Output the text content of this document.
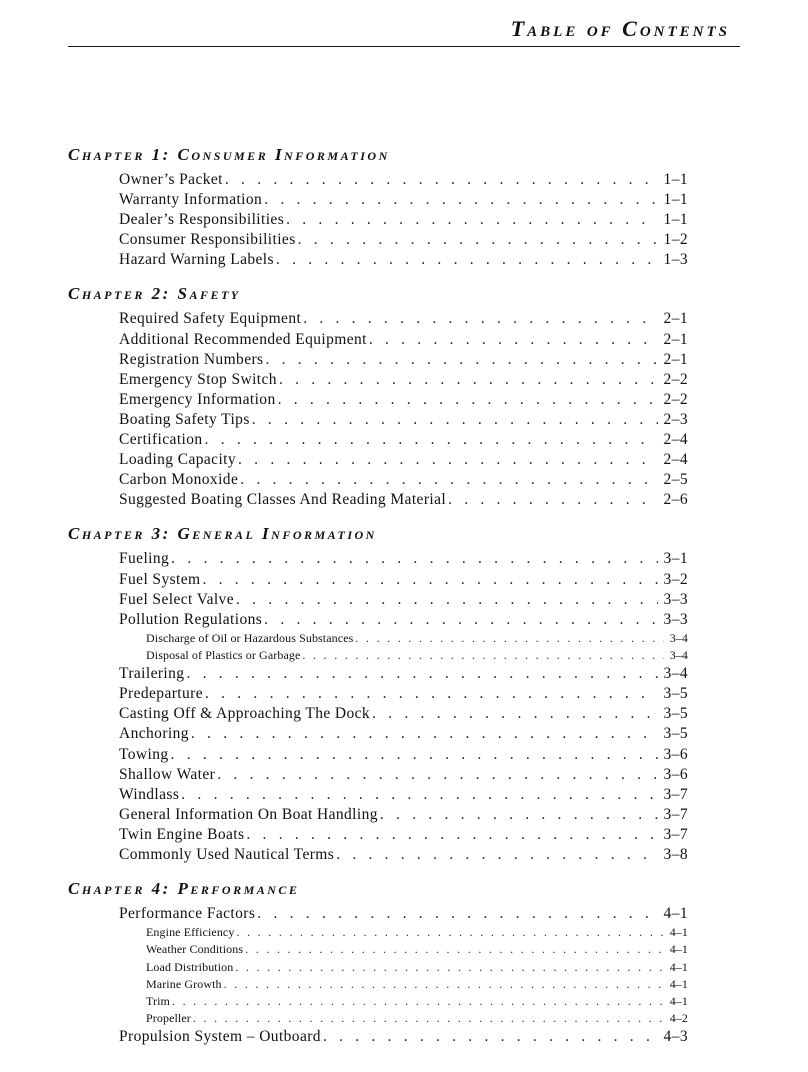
Table of Contents
Chapter 1: Consumer Information
Owner’s Packet . . .	1–1
Warranty Information . . .	1–1
Dealer’s Responsibilities . . .	1–1
Consumer Responsibilities . . .	1–2
Hazard Warning Labels . . .	1–3
Chapter 2: Safety
Required Safety Equipment . . .	2–1
Additional Recommended Equipment . . .	2–1
Registration Numbers . . .	2–1
Emergency Stop Switch . . .	2–2
Emergency Information . . .	2–2
Boating Safety Tips . . .	2–3
Certification . . .	2–4
Loading Capacity . . .	2–4
Carbon Monoxide . . .	2–5
Suggested Boating Classes And Reading Material . . .	2–6
Chapter 3: General Information
Fueling . . .	3–1
Fuel System . . .	3–2
Fuel Select Valve . . .	3–3
Pollution Regulations . . .	3–3
Discharge of Oil or Hazardous Substances . . .	3–4
Disposal of Plastics or Garbage . . .	3–4
Trailering . . .	3–4
Predeparture . . .	3–5
Casting Off & Approaching The Dock . . .	3–5
Anchoring . . .	3–5
Towing . . .	3–6
Shallow Water . . .	3–6
Windlass . . .	3–7
General Information On Boat Handling . . .	3–7
Twin Engine Boats . . .	3–7
Commonly Used Nautical Terms . . .	3–8
Chapter 4: Performance
Performance Factors . . .	4–1
Engine Efficiency . . .	4–1
Weather Conditions . . .	4–1
Load Distribution . . .	4–1
Marine Growth . . .	4–1
Trim . . .	4–1
Propeller . . .	4–2
Propulsion System – Outboard . . .	4–3
